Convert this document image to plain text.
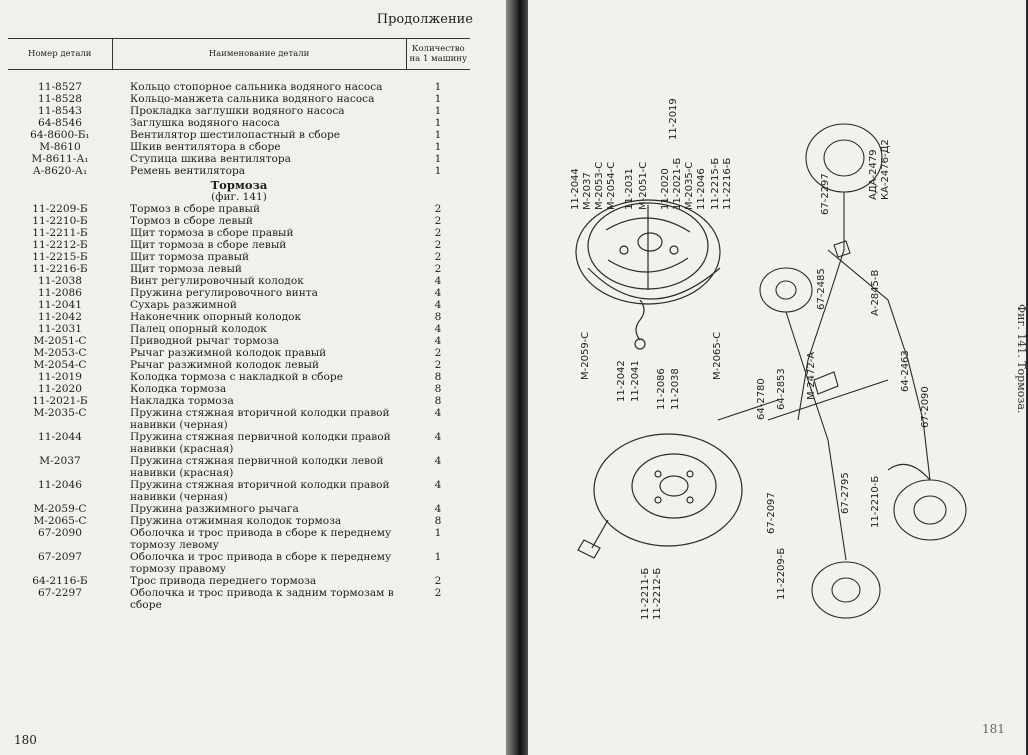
Продолжение
Номер детали	Наименование детали	Количество на 1 машину
11-8527	Кольцо стопорное сальника водяного насоса	1
11-8528	Кольцо-манжета сальника водяного насоса	1
11-8543	Прокладка заглушки водяного насоса	1
64-8546	Заглушка водяного насоса	1
64-8600-Б₁	Вентилятор шестилопастный в сборе	1
М-8610	Шкив вентилятора в сборе	1
М-8611-А₁	Ступица шкива вентилятора	1
А-8620-А₁	Ремень вентилятора	1
Тормоза
(фиг. 141)		

11-2209-Б	Тормоз в сборе правый	2
11-2210-Б	Тормоз в сборе левый	2
11-2211-Б	Щит тормоза в сборе правый	2
11-2212-Б	Щит тормоза в сборе левый	2
11-2215-Б	Щит тормоза правый	2
11-2216-Б	Щит тормоза левый	2
11-2038	Винт регулировочный колодок	4
11-2086	Пружина регулировочного винта	4
11-2041	Сухарь разжимной	4
11-2042	Наконечник опорный колодок	8
11-2031	Палец опорный колодок	4
М-2051-С	Приводной рычаг тормоза	4
М-2053-С	Рычаг разжимной колодок правый	2
М-2054-С	Рычаг разжимной колодок левый	2
11-2019	Колодка тормоза с накладкой в сборе	8
11-2020	Колодка тормоза	8
11-2021-Б	Накладка тормоза	8
М-2035-С	Пружина стяжная вторичной колодки правой навивки (черная)	4
11-2044	Пружина стяжная первичной колодки правой навивки (красная)	4
М-2037	Пружина стяжная первичной колодки левой навивки (красная)	4
11-2046	Пружина стяжная вторичной колодки правой навивки (черная)	4
М-2059-С	Пружина разжимного рычага	4
М-2065-С	Пружина отжимная колодок тормоза	8
67-2090	Оболочка и трос привода в сборе к переднему тормозу левому	1
67-2097	Оболочка и трос привода в сборе к переднему тормозу правому	1
64-2116-Б	Трос привода переднего тормоза	2
67-2297	Оболочка и трос привода к задним тормозам в сборе	2
180
11-2044 М-2037 М-2053-С М-2054-С 11-2031 М-2051-С 11-2020 11-2021-Б М-2035-С 11-2046 11-2215-Б 11-2216-Б
11-2019
М-2059-С
11-2042 11-2041 11-2086 11-2038
М-2065-С
11-2211-Б 11-2212-Б
67-2297	АДА-2479 КА-2476-Д2
67-2485	А-2845-В
64-2780 64-2853 М-2472-А	64-2463
67-2090
67-2097	67-2795 11-2210-Б
11-2209-Б
Фиг. 141. Тормоза.
181
